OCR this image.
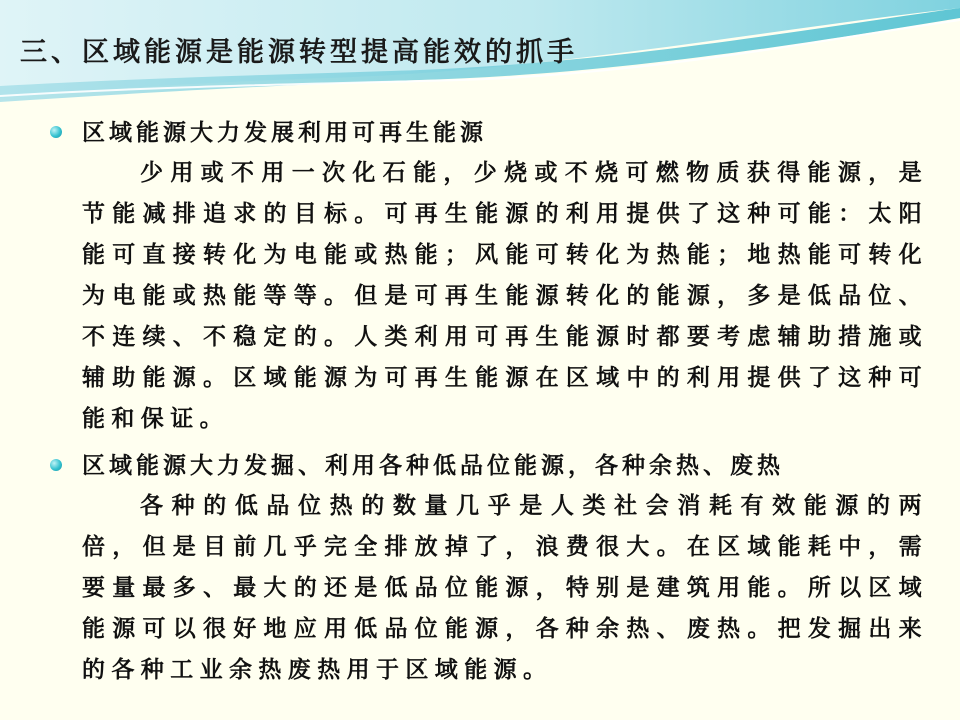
三、区域能源是能源转型提高能效的抓手
区域能源大力发展利用可再生能源

少用或不用一次化石能，少烧或不烧可燃物质获得能源，是节能减排追求的目标。可再生能源的利用提供了这种可能：太阳能可直接转化为电能或热能；风能可转化为热能；地热能可转化为电能或热能等等。但是可再生能源转化的能源，多是低品位、不连续、不稳定的。人类利用可再生能源时都要考虑辅助措施或辅助能源。区域能源为可再生能源在区域中的利用提供了这种可能和保证。

区域能源大力发掘、利用各种低品位能源，各种余热、废热

各种的低品位热的数量几乎是人类社会消耗有效能源的两倍，但是目前几乎完全排放掉了，浪费很大。在区域能耗中，需要量最多、最大的还是低品位能源，特别是建筑用能。所以区域能源可以很好地应用低品位能源，各种余热、废热。把发掘出来的各种工业余热废热用于区域能源。
